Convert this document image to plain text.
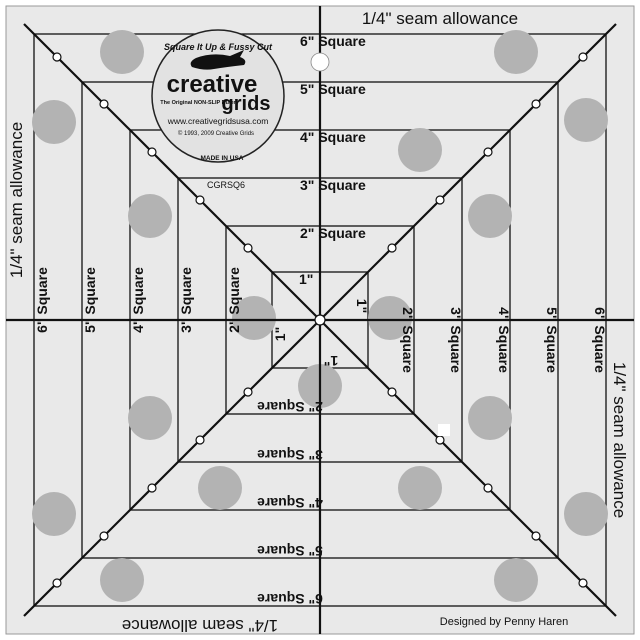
Square It Up & Fussy Cut
creative
grids
The Original NON-SLIP Ruler
www.creativegridsusa.com
© 1993, 2009 Creative Grids
MADE IN USA
1/4" seam allowance
1/4" seam allowance
1/4" seam allowance
1/4" seam allowance
6" Square
5" Square
4" Square
3" Square
2" Square
1"
CGRSQ6
6" Square 5" Square 4" Square 3" Square 2" Square
1"
1"
2" Square 3" Square 4" Square 5" Square 6" Square
1"
2" Square
3" Square
4" Square
5" Square
6" Square
Designed by Penny Haren
